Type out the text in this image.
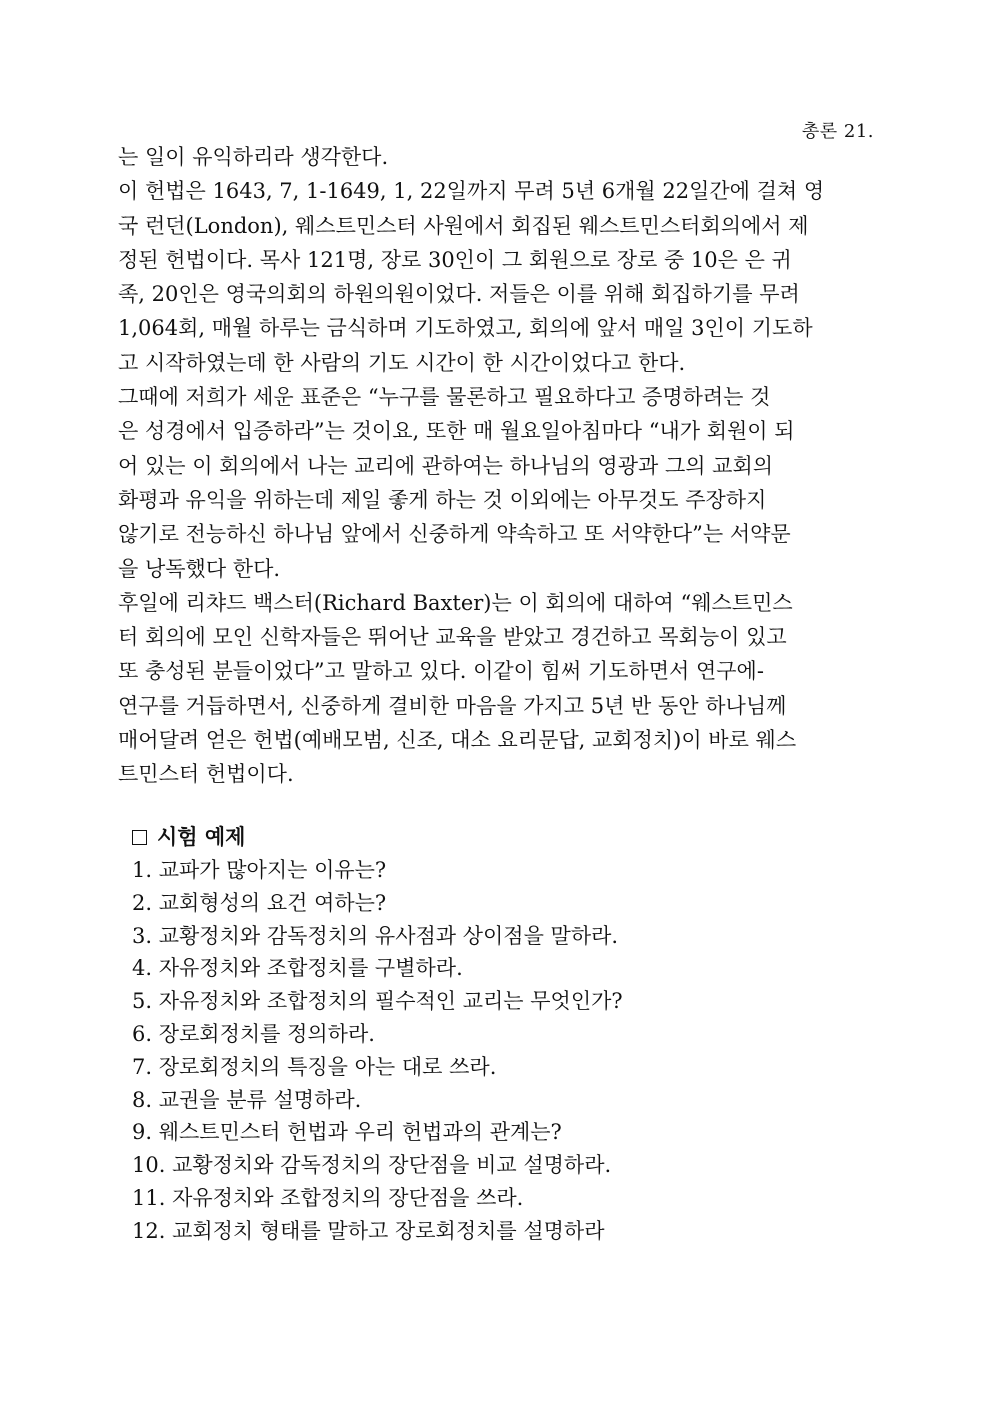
총론 21.
는 일이 유익하리라 생각한다.
이 헌법은 1643, 7, 1-1649, 1, 22일까지 무려 5년 6개월 22일간에 걸쳐 영
국 런던(London), 웨스트민스터 사원에서 회집된 웨스트민스터회의에서 제
정된 헌법이다. 목사 121명, 장로 30인이 그 회원으로 장로 중 10은 은 귀
족, 20인은 영국의회의 하원의원이었다. 저들은 이를 위해 회집하기를 무려
1,064회, 매월 하루는 금식하며 기도하였고, 회의에 앞서 매일 3인이 기도하
고 시작하였는데 한 사람의 기도 시간이 한 시간이었다고 한다.
그때에 저희가 세운 표준은 “누구를 물론하고 필요하다고 증명하려는 것
은 성경에서 입증하라”는 것이요, 또한 매 월요일아침마다 “내가 회원이 되
어 있는 이 회의에서 나는 교리에 관하여는 하나님의 영광과 그의 교회의
화평과 유익을 위하는데 제일 좋게 하는 것 이외에는 아무것도 주장하지
않기로 전능하신 하나님 앞에서 신중하게 약속하고 또 서약한다”는 서약문
을 낭독했다 한다.
후일에 리챠드 백스터(Richard Baxter)는 이 회의에 대하여 “웨스트민스
터 회의에 모인 신학자들은 뛰어난 교육을 받았고 경건하고 목회능이 있고
또 충성된 분들이었다”고 말하고 있다. 이같이 힘써 기도하면서 연구에-
연구를 거듭하면서, 신중하게 결비한 마음을 가지고 5년 반 동안 하나님께
매어달려 얻은 헌법(예배모범, 신조, 대소 요리문답, 교회정치)이 바로 웨스
트민스터 헌법이다.
시험 예제
1. 교파가 많아지는 이유는?
2. 교회형성의 요건 여하는?
3. 교황정치와 감독정치의 유사점과 상이점을 말하라.
4. 자유정치와 조합정치를 구별하라.
5. 자유정치와 조합정치의 필수적인 교리는 무엇인가?
6. 장로회정치를 정의하라.
7. 장로회정치의 특징을 아는 대로 쓰라.
8. 교권을 분류 설명하라.
9. 웨스트민스터 헌법과 우리 헌법과의 관계는?
10. 교황정치와 감독정치의 장단점을 비교 설명하라.
11. 자유정치와 조합정치의 장단점을 쓰라.
12. 교회정치 형태를 말하고 장로회정치를 설명하라
